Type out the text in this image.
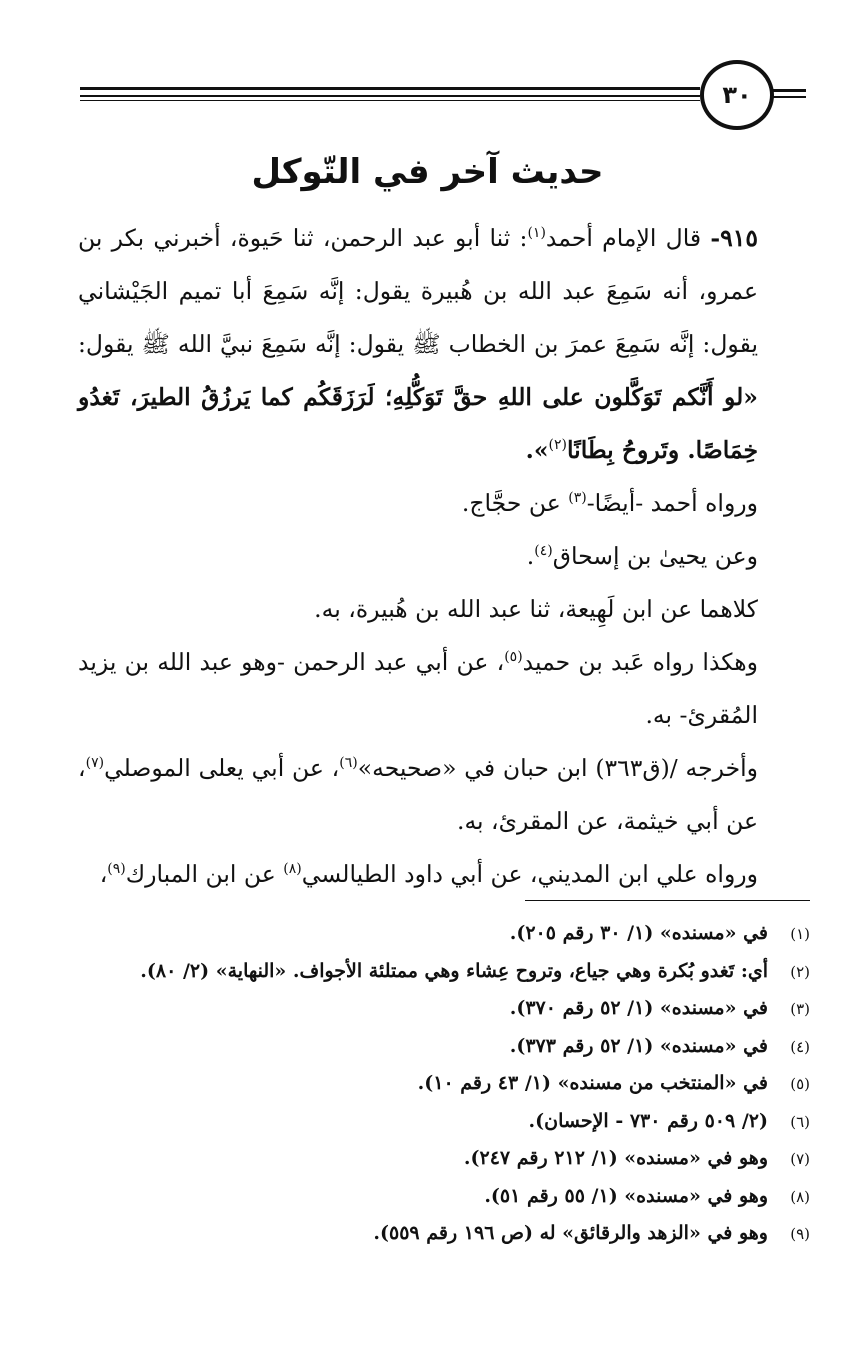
٣٠
حديث آخر في التّوكل

٩١٥- قال الإمام أحمد$^{(١)}$: ثنا أبو عبد الرحمن، ثنا حَيوة، أخبرني بكر بن عمرو، أنه سَمِعَ عبد الله بن هُبيرة يقول: إنَّه سَمِعَ أبا تميم الجَيْشاني يقول: إنَّه سَمِعَ عمرَ بن الخطاب ﷺ يقول: إنَّه سَمِعَ نبيَّ الله ﷺ يقول: «لو أَنَّكم تَوَكَّلون على اللهِ حقَّ تَوَكُّلِهِ؛ لَرَزَقَكُم كما يَرزُقُ الطيرَ، تَغدُو خِمَاصًا. وتَروحُ بِطَانًا$^{(٢)}$».

ورواه أحمد -أيضًا-$^{(٣)}$ عن حجَّاج.

وعن يحيىٰ بن إسحاق$^{(٤)}$.

كلاهما عن ابن لَهِيعة، ثنا عبد الله بن هُبيرة، به.

وهكذا رواه عَبد بن حميد$^{(٥)}$، عن أبي عبد الرحمن -وهو عبد الله بن يزيد المُقرئ- به.

وأخرجه /(ق٣٦٣) ابن حبان في «صحيحه»$^{(٦)}$، عن أبي يعلى الموصلي$^{(٧)}$، عن أبي خيثمة، عن المقرئ، به.

ورواه علي ابن المديني، عن أبي داود الطيالسي$^{(٨)}$ عن ابن المبارك$^{(٩)}$،

(١)في «مسنده» (١/ ٣٠ رقم ٢٠٥).
(٢)أي: تَغدو بُكرة وهي جياع، وتروح عِشاء وهي ممتلئة الأجواف. «النهاية» (٢/ ٨٠).
(٣)في «مسنده» (١/ ٥٢ رقم ٣٧٠).
(٤)في «مسنده» (١/ ٥٢ رقم ٣٧٣).
(٥)في «المنتخب من مسنده» (١/ ٤٣ رقم ١٠).
(٦)(٢/ ٥٠٩ رقم ٧٣٠ - الإحسان).
(٧)وهو في «مسنده» (١/ ٢١٢ رقم ٢٤٧).
(٨)وهو في «مسنده» (١/ ٥٥ رقم ٥١).
(٩)وهو في «الزهد والرقائق» له (ص ١٩٦ رقم ٥٥٩).
